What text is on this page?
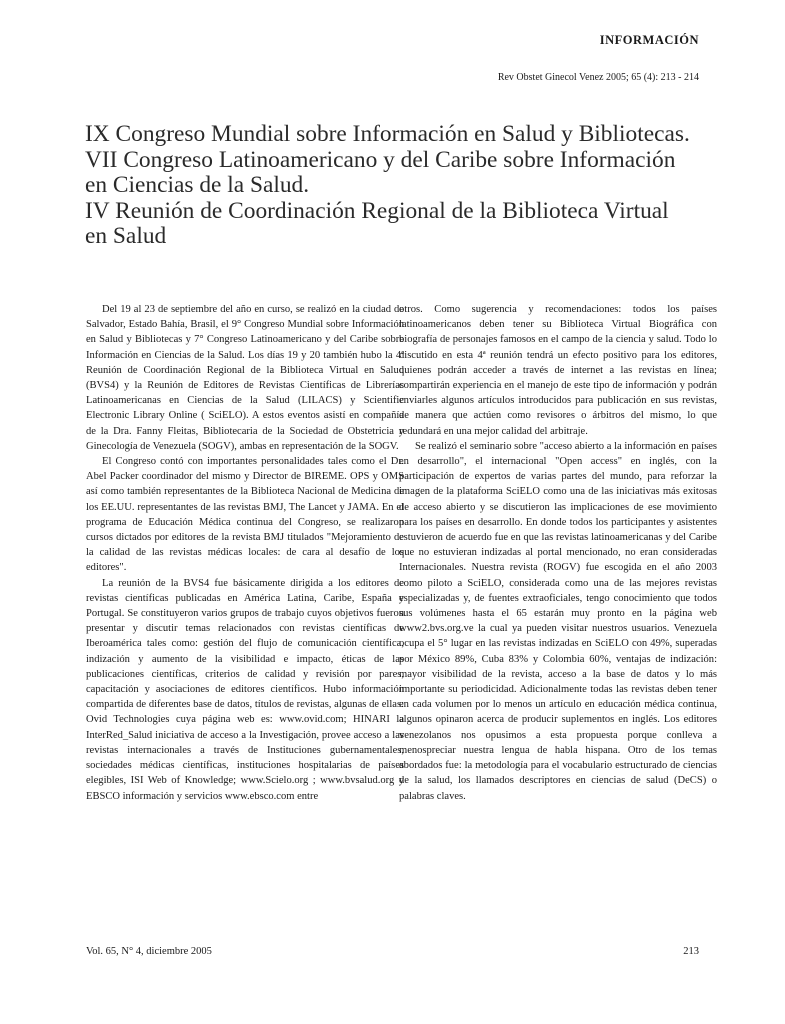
INFORMACIÓN
Rev Obstet Ginecol Venez 2005; 65 (4): 213 - 214
IX Congreso Mundial sobre Información en Salud y Bibliotecas.
VII Congreso Latinoamericano y del Caribe sobre Información
en Ciencias de la Salud.
IV Reunión de Coordinación Regional de la Biblioteca Virtual
en Salud

Del 19 al 23 de septiembre del año en curso, se realizó en la ciudad de Salvador, Estado Bahía, Brasil, el 9° Congreso Mundial sobre Información en Salud y Bibliotecas y 7° Congreso Latinoamericano y del Caribe sobre Información en Ciencias de la Salud. Los días 19 y 20 también hubo la 4ª Reunión de Coordinación Regional de la Biblioteca Virtual en Salud (BVS4) y la Reunión de Editores de Revistas Científicas de Librerías Latinoamericanas en Ciencias de la Salud (LILACS) y Scientific Electronic Library Online ( SciELO). A estos eventos asistí en compañía de la Dra. Fanny Fleitas, Bibliotecaria de la Sociedad de Obstetricia y Ginecología de Venezuela (SOGV), ambas en representación de la SOGV.

El Congreso contó con importantes personalidades tales como el Dr. Abel Packer coordinador del mismo y Director de BIREME. OPS y OMS así como también representantes de la Biblioteca Nacional de Medicina de los EE.UU. representantes de las revistas BMJ, The Lancet y JAMA. En el programa de Educación Médica continua del Congreso, se realizaron cursos dictados por editores de la revista BMJ titulados "Mejoramiento de la calidad de las revistas médicas locales: de cara al desafío de los editores".

La reunión de la BVS4 fue básicamente dirigida a los editores de revistas científicas publicadas en América Latina, Caribe, España y Portugal. Se constituyeron varios grupos de trabajo cuyos objetivos fueron presentar y discutir temas relacionados con revistas científicas de Iberoamérica tales como: gestión del flujo de comunicación científica, indización y aumento de la visibilidad e impacto, éticas de las publicaciones científicas, criterios de calidad y revisión por pares, capacitación y asociaciones de editores científicos. Hubo información compartida de diferentes base de datos, títulos de revistas, algunas de ellas: Ovid Technologies cuya página web es: www.ovid.com; HINARI la InterRed_Salud iniciativa de acceso a la Investigación, provee acceso a las revistas internacionales a través de Instituciones gubernamentales, sociedades médicas científicas, instituciones hospitalarias de países elegibles, ISI Web of Knowledge; www.Scielo.org ; www.bvsalud.org y EBSCO información y servicios www.ebsco.com entre

otros. Como sugerencia y recomendaciones: todos los países latinoamericanos deben tener su Biblioteca Virtual Biográfica con biografía de personajes famosos en el campo de la ciencia y salud. Todo lo discutido en esta 4ª reunión tendrá un efecto positivo para los editores, quienes podrán acceder a través de internet a las revistas en línea; compartirán experiencia en el manejo de este tipo de información y podrán enviarles algunos artículos introducidos para publicación en sus revistas, de manera que actúen como revisores o árbitros del mismo, lo que redundará en una mejor calidad del arbitraje.

Se realizó el seminario sobre "acceso abierto a la información en países en desarrollo", el internacional "Open access" en inglés, con la participación de expertos de varias partes del mundo, para reforzar la imagen de la plataforma SciELO como una de las iniciativas más exitosas de acceso abierto y se discutieron las implicaciones de ese movimiento para los países en desarrollo. En donde todos los participantes y asistentes estuvieron de acuerdo fue en que las revistas latinoamericanas y del Caribe que no estuvieran indizadas al portal mencionado, no eran consideradas Internacionales. Nuestra revista (ROGV) fue escogida en el año 2003 como piloto a SciELO, considerada como una de las mejores revistas especializadas y, de fuentes extraoficiales, tengo conocimiento que todos sus volúmenes hasta el 65 estarán muy pronto en la página web www2.bvs.org.ve la cual ya pueden visitar nuestros usuarios. Venezuela ocupa el 5° lugar en las revistas indizadas en SciELO con 49%, superadas por México 89%, Cuba 83% y Colombia 60%, ventajas de indización: mayor visibilidad de la revista, acceso a la base de datos y lo más importante su periodicidad. Adicionalmente todas las revistas deben tener en cada volumen por lo menos un artículo en educación médica continua, algunos opinaron acerca de producir suplementos en inglés. Los editores venezolanos nos opusimos a esta propuesta porque conlleva a menospreciar nuestra lengua de habla hispana. Otro de los temas abordados fue: la metodología para el vocabulario estructurado de ciencias de la salud, los llamados descriptores en ciencias de salud (DeCS) o palabras claves.

Vol. 65, N° 4, diciembre 2005	213
